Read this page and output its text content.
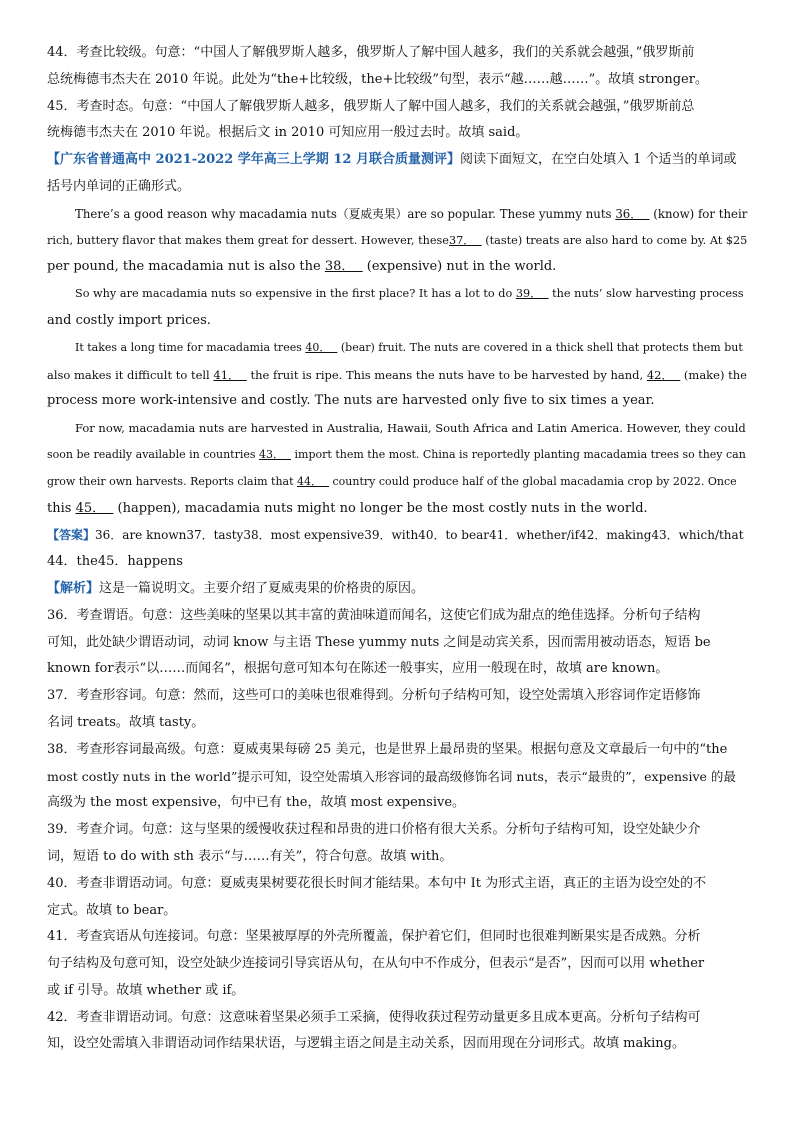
44．考查比较级。句意：“中国人了解俄罗斯人越多，俄罗斯人了解中国人越多，我们的关系就会越强，”俄罗斯前
总统梅德韦杰夫在 2010 年说。此处为“the+比较级，the+比较级”句型，表示“越……越……”。故填 stronger。
45．考查时态。句意：“中国人了解俄罗斯人越多，俄罗斯人了解中国人越多，我们的关系就会越强，”俄罗斯前总
统梅德韦杰夫在 2010 年说。根据后文 in 2010 可知应用一般过去时。故填 said。
【广东省普通高中 2021-2022 学年高三上学期 12 月联合质量测评】阅读下面短文，在空白处填入 1 个适当的单词或
括号内单词的正确形式。
There’s a good reason why macadamia nuts（夏威夷果）are so popular. These yummy nuts 36．   (know) for their
rich, buttery flavor that makes them great for dessert. However, these37．   (taste) treats are also hard to come by. At $25
per pound, the macadamia nut is also the 38．   (expensive) nut in the world.
So why are macadamia nuts so expensive in the first place? It has a lot to do 39．   the nuts’ slow harvesting process
and costly import prices.
It takes a long time for macadamia trees 40．   (bear) fruit. The nuts are covered in a thick shell that protects them but
also makes it difficult to tell 41．   the fruit is ripe. This means the nuts have to be harvested by hand, 42．   (make) the
process more work-intensive and costly. The nuts are harvested only five to six times a year.
For now, macadamia nuts are harvested in Australia, Hawaii, South Africa and Latin America. However, they could
soon be readily available in countries 43．   import them the most. China is reportedly planting macadamia trees so they can
grow their own harvests. Reports claim that 44．   country could produce half of the global macadamia crop by 2022. Once
this 45．   (happen), macadamia nuts might no longer be the most costly nuts in the world.
【答案】36．are known37．tasty38．most expensive39．with40．to bear41．whether/if42．making43．which/that
44．the45．happens
【解析】这是一篇说明文。主要介绍了夏威夷果的价格贵的原因。
36．考查谓语。句意：这些美味的坚果以其丰富的黄油味道而闻名，这使它们成为甜点的绝佳选择。分析句子结构
可知，此处缺少谓语动词，动词 know 与主语 These yummy nuts 之间是动宾关系，因而需用被动语态，短语 be
known for表示“以……而闻名”，根据句意可知本句在陈述一般事实，应用一般现在时，故填 are known。
37．考查形容词。句意：然而，这些可口的美味也很难得到。分析句子结构可知，设空处需填入形容词作定语修饰
名词 treats。故填 tasty。
38．考查形容词最高级。句意：夏威夷果每磅 25 美元，也是世界上最昂贵的坚果。根据句意及文章最后一句中的“the
most costly nuts in the world”提示可知，设空处需填入形容词的最高级修饰名词 nuts，表示“最贵的”，expensive 的最
高级为 the most expensive，句中已有 the，故填 most expensive。
39．考查介词。句意：这与坚果的缓慢收获过程和昂贵的进口价格有很大关系。分析句子结构可知，设空处缺少介
词，短语 to do with sth 表示“与……有关”，符合句意。故填 with。
40．考查非谓语动词。句意：夏威夷果树要花很长时间才能结果。本句中 It 为形式主语，真正的主语为设空处的不
定式。故填 to bear。
41．考查宾语从句连接词。句意：坚果被厚厚的外壳所覆盖，保护着它们，但同时也很难判断果实是否成熟。分析
句子结构及句意可知，设空处缺少连接词引导宾语从句，在从句中不作成分，但表示“是否”，因而可以用 whether
或 if 引导。故填 whether 或 if。
42．考查非谓语动词。句意：这意味着坚果必须手工采摘，使得收获过程劳动量更多且成本更高。分析句子结构可
知，设空处需填入非谓语动词作结果状语，与逻辑主语之间是主动关系，因而用现在分词形式。故填 making。
